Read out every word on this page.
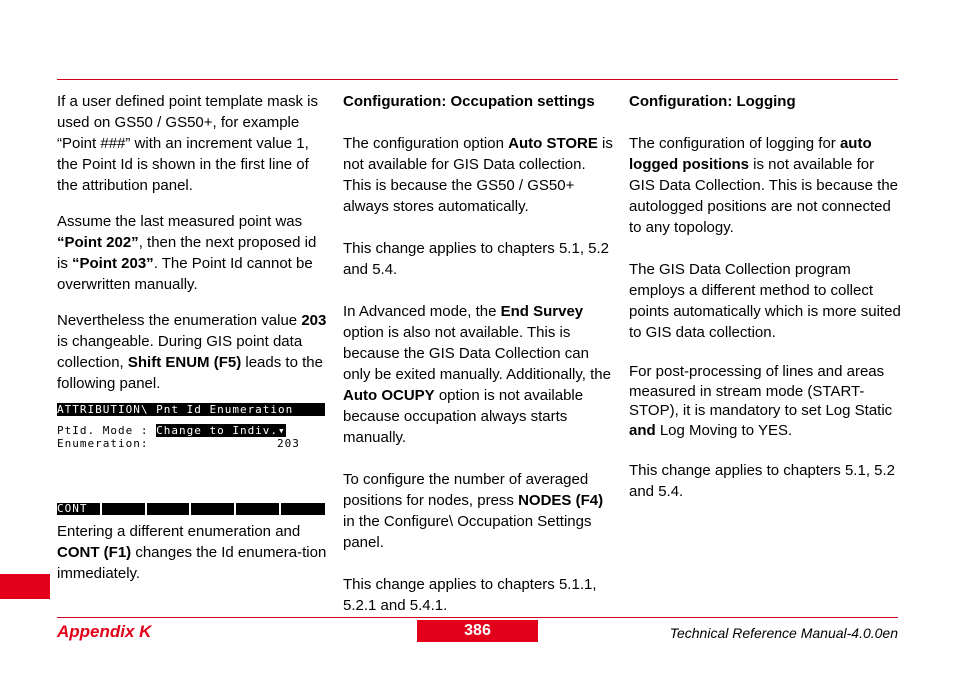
If a user defined point template mask is used on GS50 / GS50+, for example “Point ###” with an increment value 1, the Point Id is shown in the first line of the attribution panel.

Assume the last measured point was “Point 202”, then the next proposed id is “Point 203”. The Point Id cannot be overwritten manually.

Nevertheless the enumeration value 203 is changeable. During GIS point data collection, Shift ENUM (F5) leads to the following panel.

ATTRIBUTION\ Pnt Id Enumeration
PtId. Mode : Change to Indiv.▾
Enumeration:	203
CONT

Entering a different enumeration and CONT (F1) changes the Id enumera-tion immediately.

Configuration: Occupation settings

The configuration option Auto STORE is not available for GIS Data collection. This is because the GS50 / GS50+ always stores automatically.

This change applies to chapters 5.1, 5.2 and 5.4.

In Advanced mode, the End Survey option is also not available. This is because the GIS Data Collection can only be exited manually. Additionally, the Auto OCUPY option is not available because occupation always starts manually.

To configure the number of averaged positions for nodes, press NODES (F4) in the Configure\ Occupation Settings panel.

This change applies to chapters 5.1.1, 5.2.1 and 5.4.1.

Configuration: Logging

The configuration of logging for auto logged positions is not available for GIS Data Collection. This is because the autologged positions are not connected to any topology.

The GIS Data Collection program employs a different method to collect points automatically which is more suited to GIS data collection.

For post-processing of lines and areas measured in stream mode (START-STOP), it is mandatory to set Log Static and Log Moving to YES.

This change applies to chapters 5.1, 5.2 and 5.4.

Appendix K	386	Technical Reference Manual-4.0.0en
